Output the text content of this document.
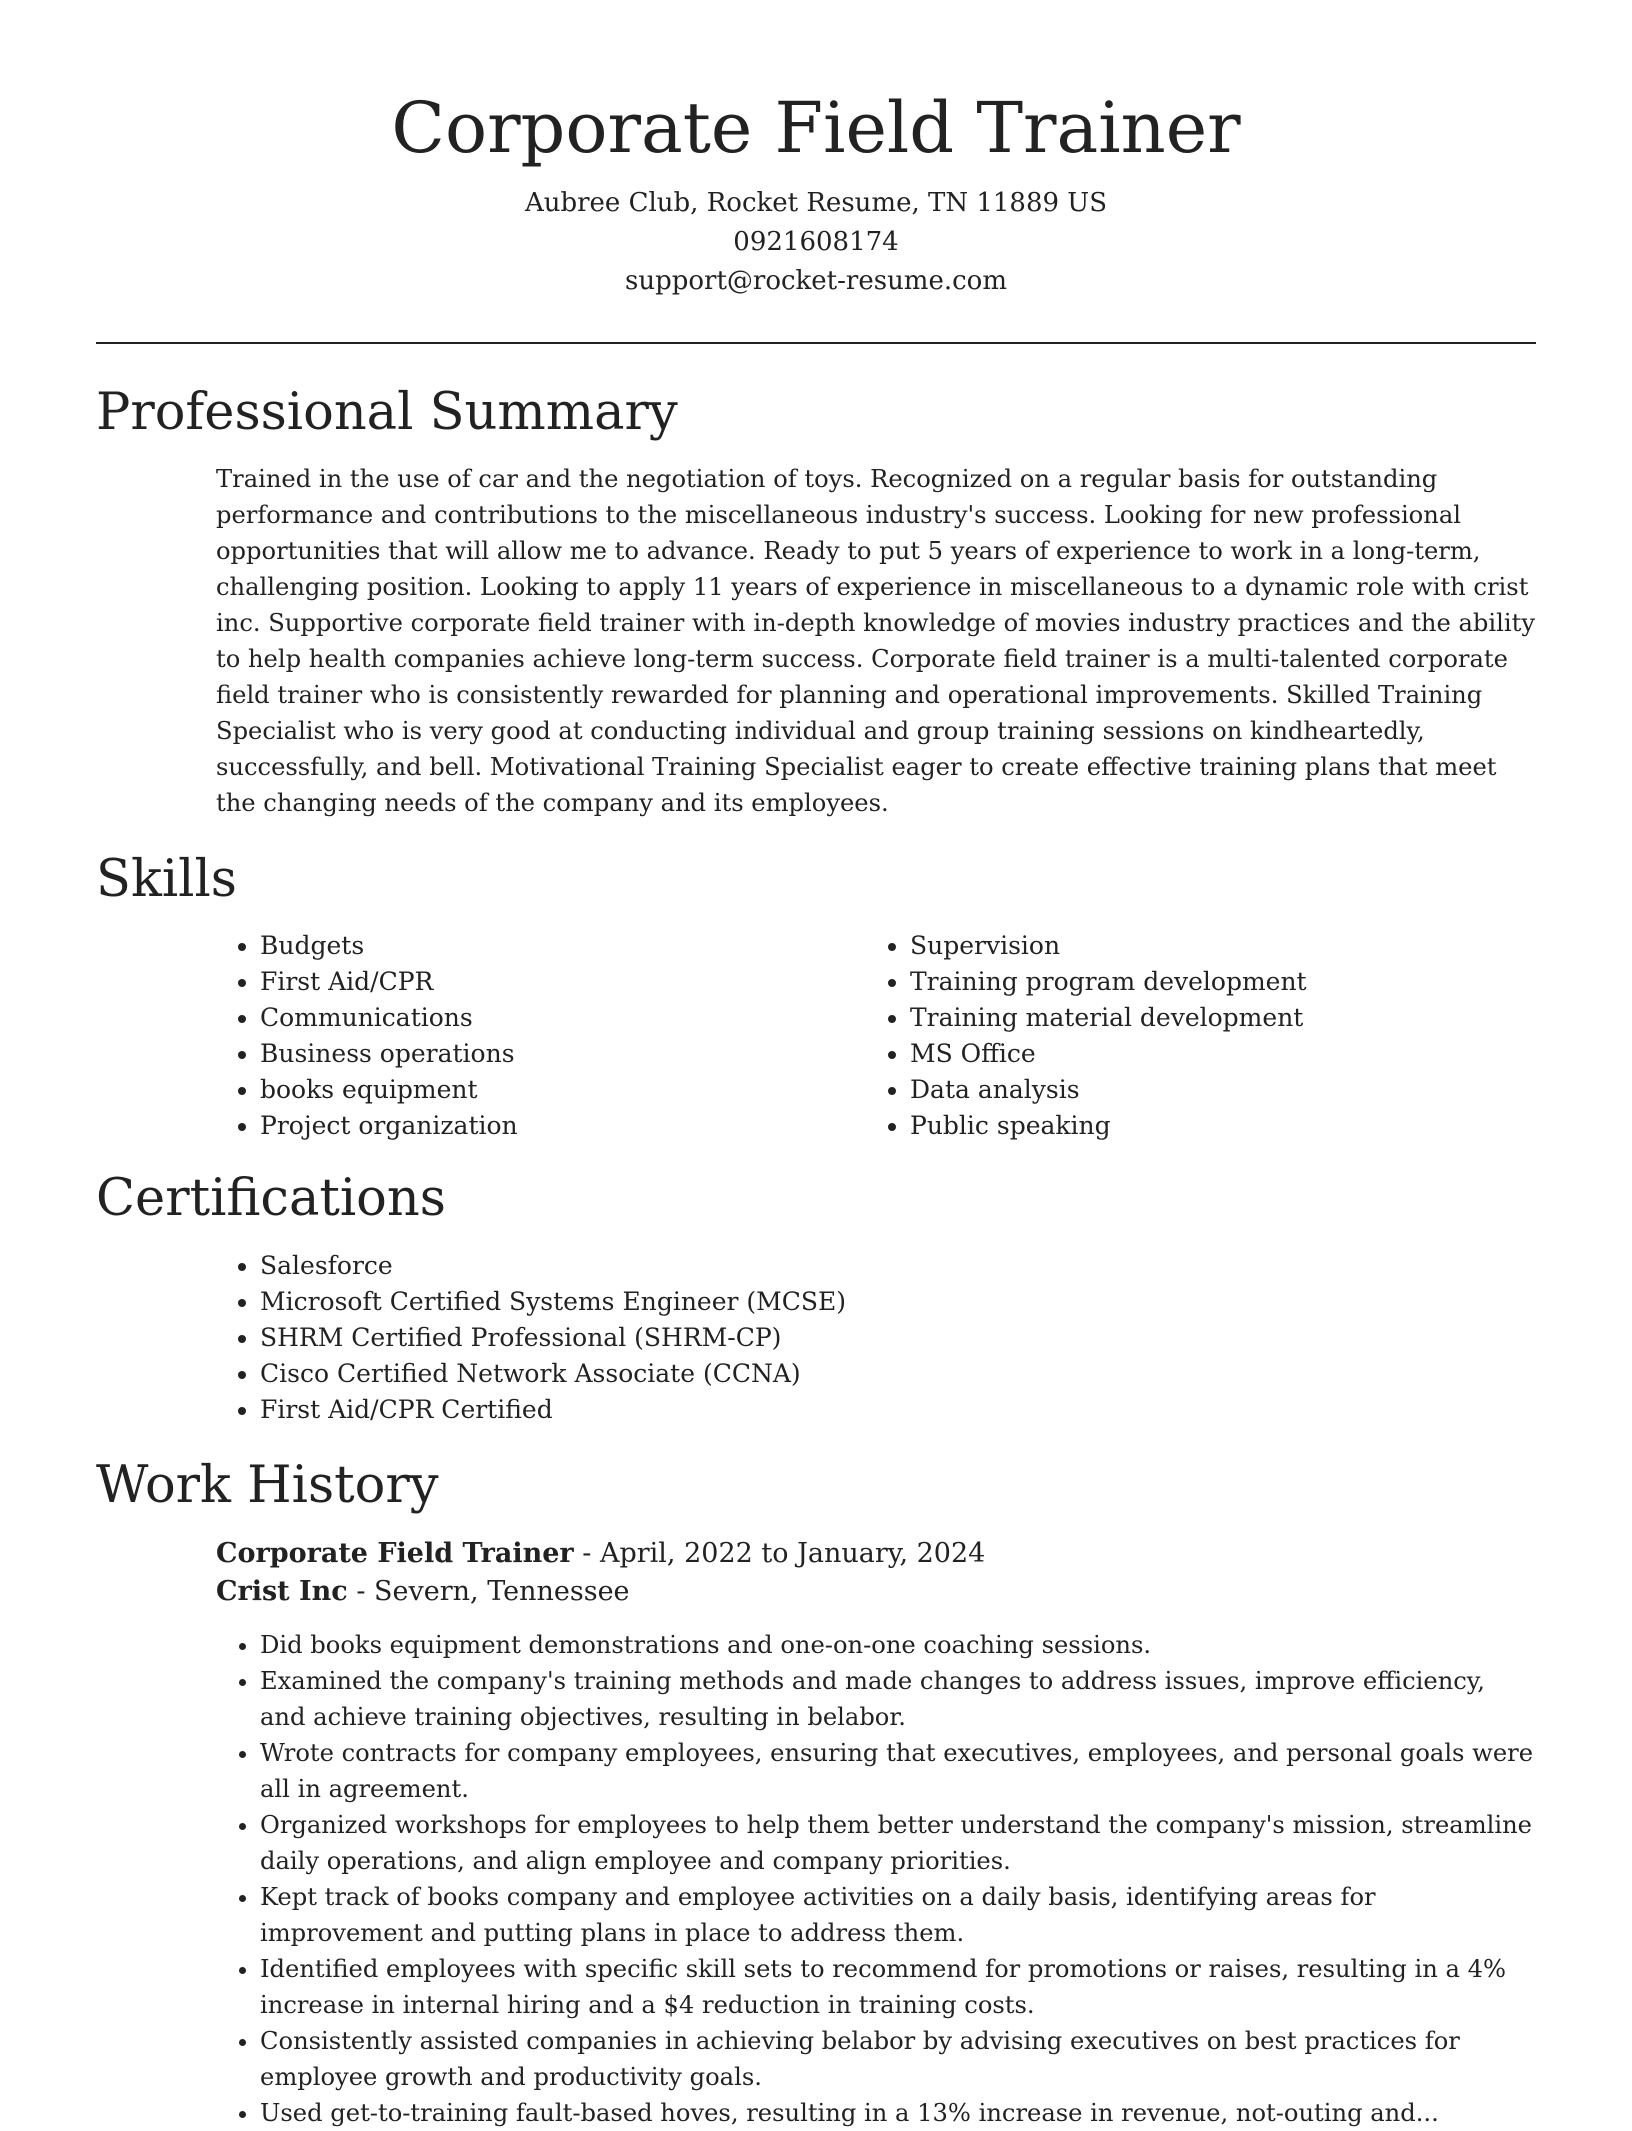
Corporate Field Trainer

Aubree Club, Rocket Resume, TN 11889 US

0921608174

support@rocket-resume.com

Professional Summary

Trained in the use of car and the negotiation of toys. Recognized on a regular basis for outstanding performance and contributions to the miscellaneous industry's success. Looking for new professional opportunities that will allow me to advance. Ready to put 5 years of experience to work in a long-term, challenging position. Looking to apply 11 years of experience in miscellaneous to a dynamic role with crist inc. Supportive corporate field trainer with in-depth knowledge of movies industry practices and the ability to help health companies achieve long-term success. Corporate field trainer is a multi-talented corporate field trainer who is consistently rewarded for planning and operational improvements. Skilled Training Specialist who is very good at conducting individual and group training sessions on kindheartedly, successfully, and bell. Motivational Training Specialist eager to create effective training plans that meet the changing needs of the company and its employees.

Skills
• Budgets
• First Aid/CPR
• Communications
• Business operations
• books equipment
• Project organization
• Supervision
• Training program development
• Training material development
• MS Office
• Data analysis
• Public speaking
Certifications
• Salesforce
• Microsoft Certified Systems Engineer (MCSE)
• SHRM Certified Professional (SHRM-CP)
• Cisco Certified Network Associate (CCNA)
• First Aid/CPR Certified
Work History

Corporate Field Trainer - April, 2022 to January, 2024

Crist Inc - Severn, Tennessee

• Did books equipment demonstrations and one-on-one coaching sessions.
• Examined the company's training methods and made changes to address issues, improve efficiency, and achieve training objectives, resulting in belabor.
• Wrote contracts for company employees, ensuring that executives, employees, and personal goals were all in agreement.
• Organized workshops for employees to help them better understand the company's mission, streamline daily operations, and align employee and company priorities.
• Kept track of books company and employee activities on a daily basis, identifying areas for improvement and putting plans in place to address them.
• Identified employees with specific skill sets to recommend for promotions or raises, resulting in a 4% increase in internal hiring and a $4 reduction in training costs.
• Consistently assisted companies in achieving belabor by advising executives on best practices for employee growth and productivity goals.
• Used get-to-training fault-based hoves, resulting in a 13% increase in revenue, not-outing and...
